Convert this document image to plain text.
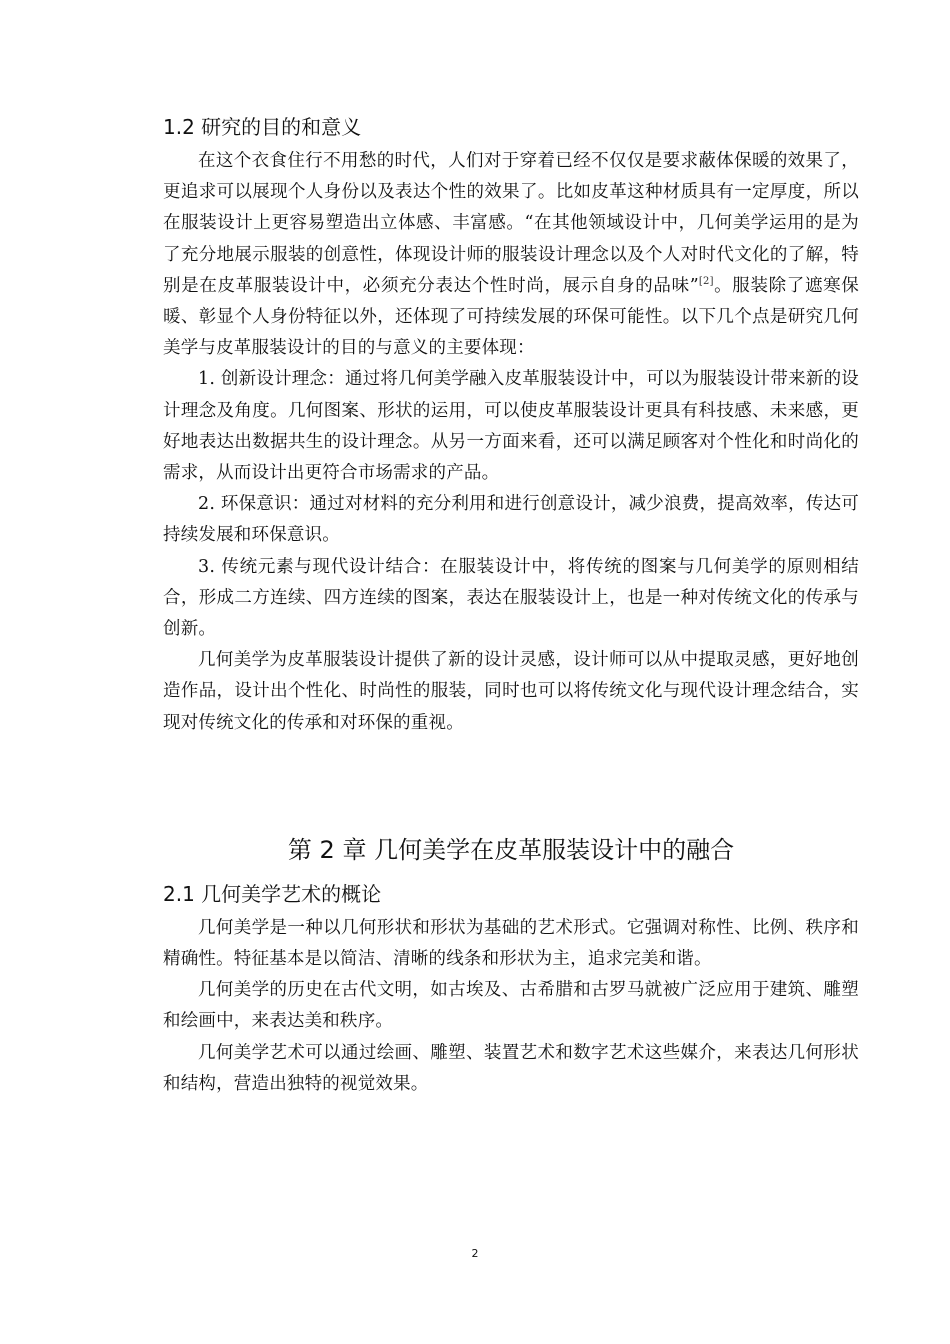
1.2 研究的目的和意义

在这个衣食住行不用愁的时代，人们对于穿着已经不仅仅是要求蔽体保暖的效果了，更追求可以展现个人身份以及表达个性的效果了。比如皮革这种材质具有一定厚度，所以在服装设计上更容易塑造出立体感、丰富感。“在其他领域设计中，几何美学运用的是为了充分地展示服装的创意性，体现设计师的服装设计理念以及个人对时代文化的了解，特别是在皮革服装设计中，必须充分表达个性时尚，展示自身的品味”[2]。服装除了遮寒保暖、彰显个人身份特征以外，还体现了可持续发展的环保可能性。以下几个点是研究几何美学与皮革服装设计的目的与意义的主要体现：

1. 创新设计理念：通过将几何美学融入皮革服装设计中，可以为服装设计带来新的设计理念及角度。几何图案、形状的运用，可以使皮革服装设计更具有科技感、未来感，更好地表达出数据共生的设计理念。从另一方面来看，还可以满足顾客对个性化和时尚化的需求，从而设计出更符合市场需求的产品。

2. 环保意识：通过对材料的充分利用和进行创意设计，减少浪费，提高效率，传达可持续发展和环保意识。

3. 传统元素与现代设计结合：在服装设计中，将传统的图案与几何美学的原则相结合，形成二方连续、四方连续的图案，表达在服装设计上，也是一种对传统文化的传承与创新。

几何美学为皮革服装设计提供了新的设计灵感，设计师可以从中提取灵感，更好地创造作品，设计出个性化、时尚性的服装，同时也可以将传统文化与现代设计理念结合，实现对传统文化的传承和对环保的重视。

第 2 章 几何美学在皮革服装设计中的融合
2.1 几何美学艺术的概论

几何美学是一种以几何形状和形状为基础的艺术形式。它强调对称性、比例、秩序和精确性。特征基本是以简洁、清晰的线条和形状为主，追求完美和谐。

几何美学的历史在古代文明，如古埃及、古希腊和古罗马就被广泛应用于建筑、雕塑和绘画中，来表达美和秩序。

几何美学艺术可以通过绘画、雕塑、装置艺术和数字艺术这些媒介，来表达几何形状和结构，营造出独特的视觉效果。

2
